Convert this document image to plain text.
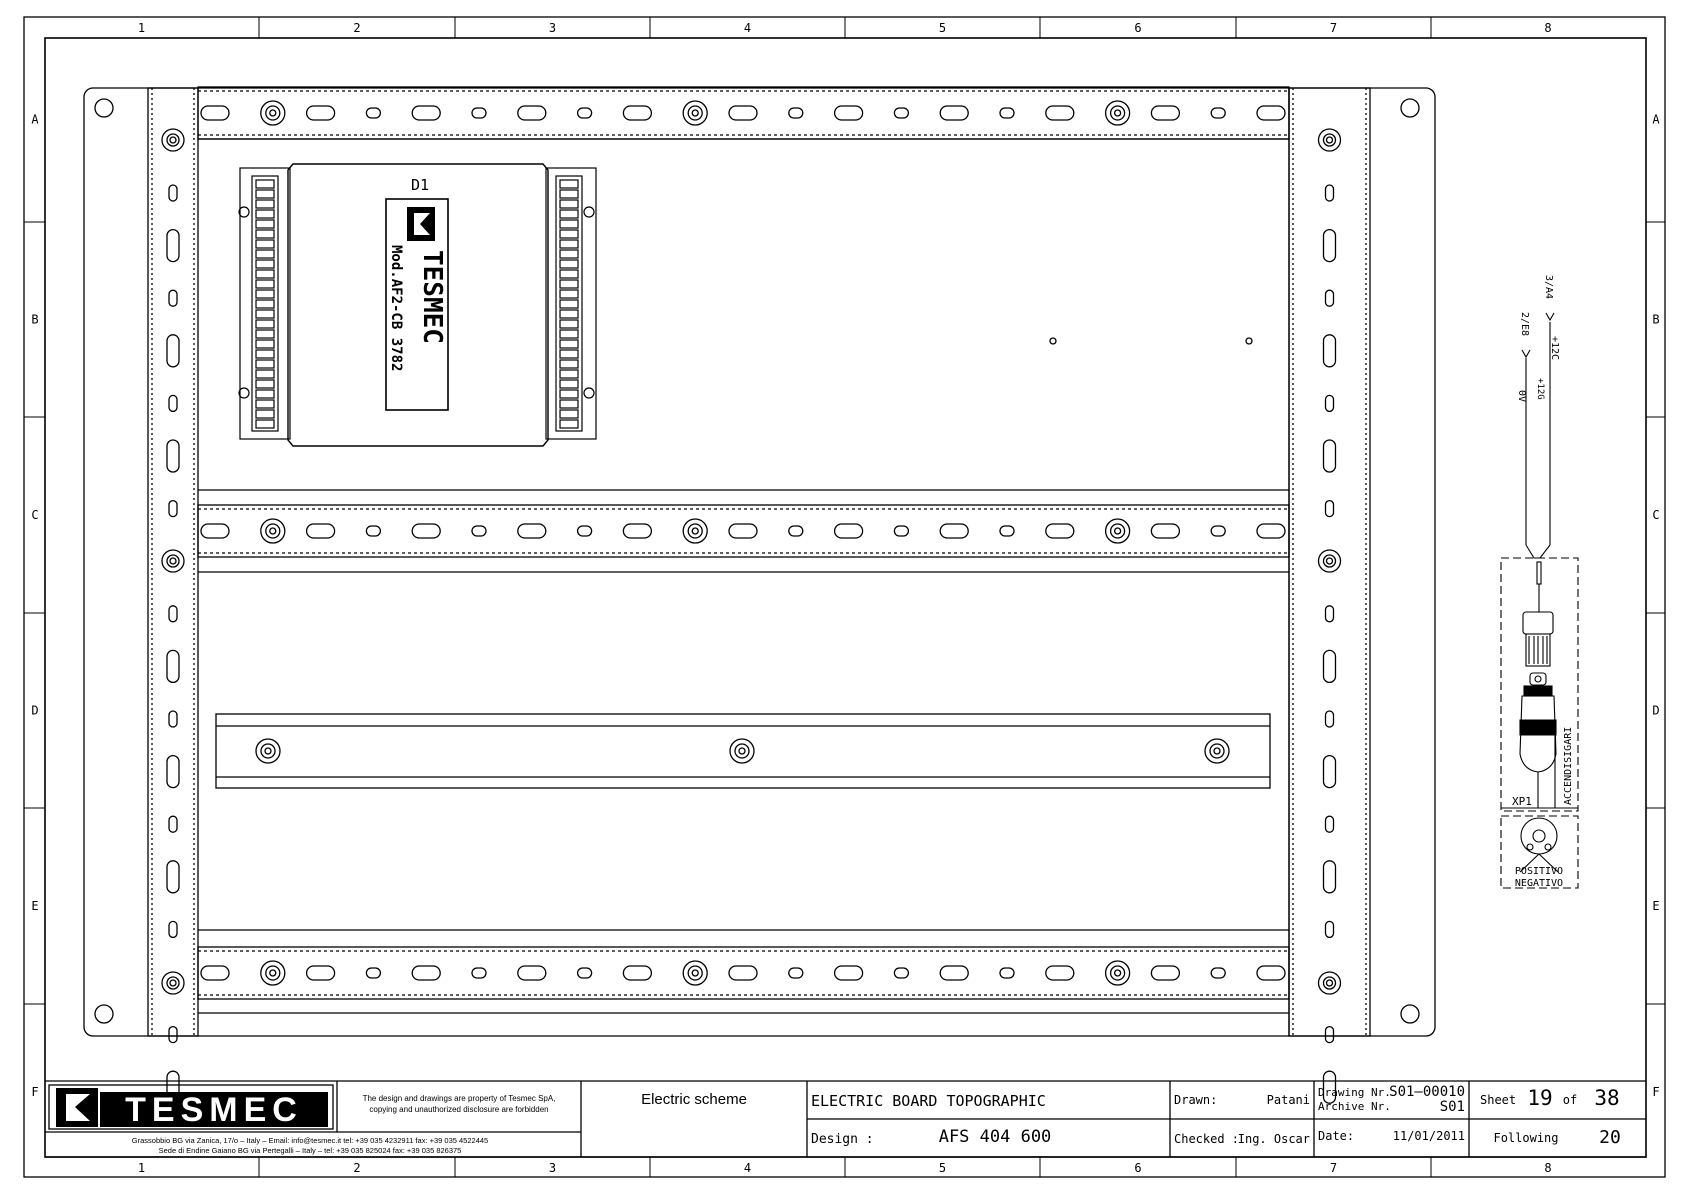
1
1
2
2
3
3
4
4
5
5
6
6
7
7
8
8
A	A
B	B
C	C
D	D
E	E
F	F
D1
TESMEC
Mod.AF2-CB 3782	3/A4
2/E8
+12C
+12G
0V
XP1	ACCENDISIGARI
POSITIVO
NEGATIVO
TESMEC	The design and drawings are property of Tesmec SpA,
copying and unauthorized disclosure are forbidden
Grassobbio BG via Zanica, 17/o – Italy – Email: info@tesmec.it tel: +39 035 4232911 fax: +39 035 4522445
Sede di Endine Gaiano BG via Pertegalli – Italy – tel: +39 035 825024 fax: +39 035 826375
Electric scheme	ELECTRIC BOARD TOPOGRAPHIC
Design :	AFS 404 600
Drawn:	Patani
Checked :
Ing. Oscar
Drawing Nr.
S01–00010
Archive Nr.	S01
Date:	11/01/2011
Sheet 19 of 38
Following 20
